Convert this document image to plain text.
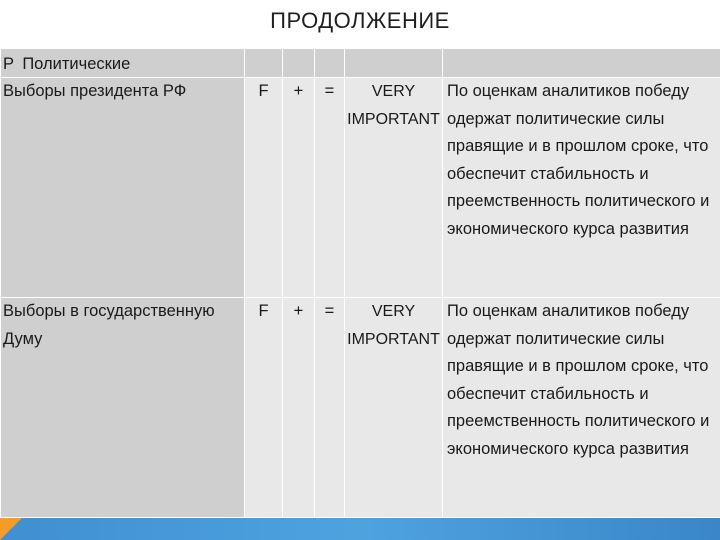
ПРОДОЛЖЕНИЕ
P Политические					

Выборы президента РФ	F	+	=	VERY IMPORTANT	По оценкам аналитиков победу одержат политические силы правящие и в прошлом сроке, что обеспечит стабильность и преемственность политического и экономического курса развития
Выборы в государственную Думу	F	+	=	VERY IMPORTANT	По оценкам аналитиков победу одержат политические силы правящие и в прошлом сроке, что обеспечит стабильность и преемственность политического и экономического курса развития
